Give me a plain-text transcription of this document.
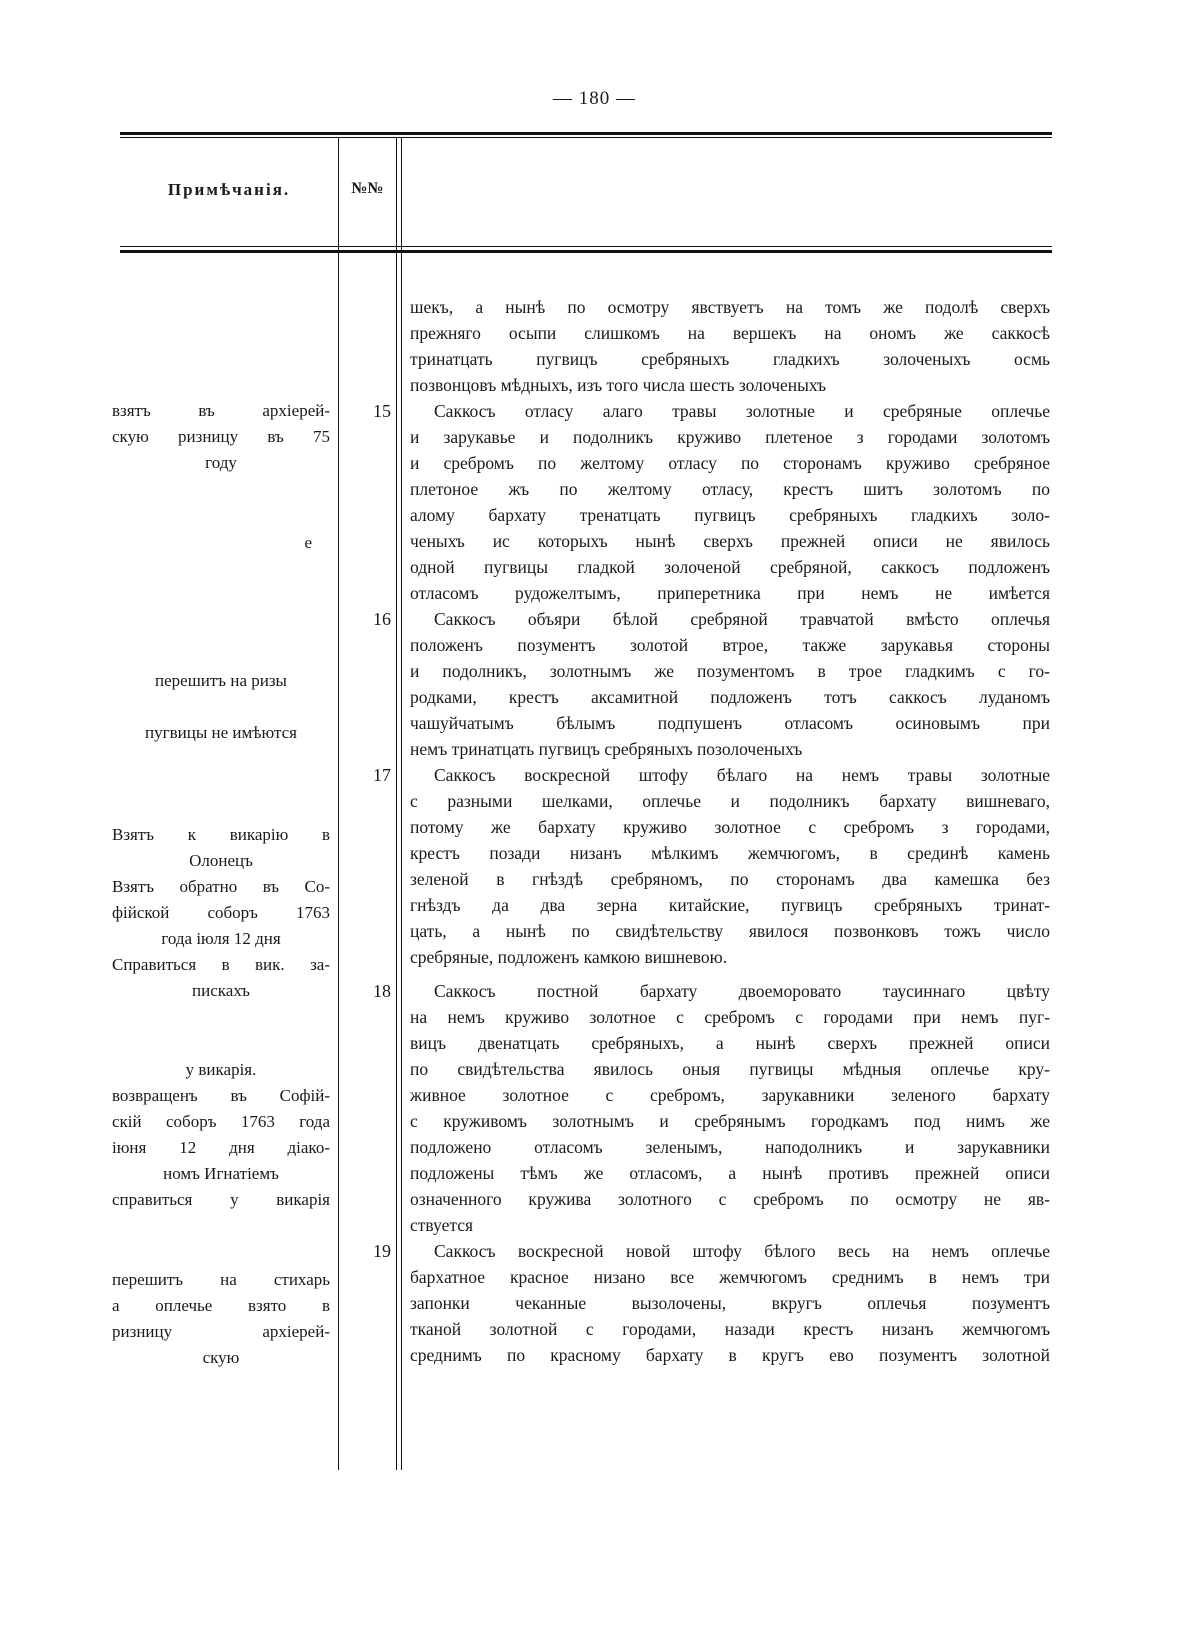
— 180 —
Примѣчанія.	№№
взятъ въ архiерей-
скую ризницу въ 75
году
е
перешитъ на ризы
пугвицы не имѣются
Взятъ к викарiю в
Олонецъ
Взятъ обратно въ Со-
фiйской соборъ 1763
года iюля 12 дня
Справиться в вик. за-
пискахъ
у викарiя.
возвращенъ въ Софiй-
скiй соборъ 1763 года
iюня 12 дня дiако-
номъ Игнатiемъ
справиться у викарiя
перешитъ на стихарь
а оплечье взято в
ризницу архiерей-
скую
15
16
17
18
19
шекъ, а нынѣ по осмотру явствуетъ на томъ же подолѣ сверхъ
прежняго осыпи слишкомъ на вершекъ на ономъ же саккосѣ
тринатцать пугвицъ сребряныхъ гладкихъ золоченыхъ осмь
позвонцовъ мѣдныхъ, изъ того числа шесть золоченыхъ
Саккосъ отласу алаго травы золотные и сребряные оплечье
и зарукавье и подолникъ круживо плетеное з городами золотомъ
и сребромъ по желтому отласу по сторонамъ круживо сребряное
плетоное жъ по желтому отласу, крестъ шитъ золотомъ по
алому бархату тренатцать пугвицъ сребряныхъ гладкихъ золо-
ченыхъ ис которыхъ нынѣ сверхъ прежней описи не явилось
одной пугвицы гладкой золоченой сребряной, саккосъ подложенъ
отласомъ рудожелтымъ, приперетника при немъ не имѣется
Саккосъ объяри бѣлой сребряной травчатой вмѣсто оплечья
положенъ позументъ золотой втрое, также зарукавья стороны
и подолникъ, золотнымъ же позументомъ в трое гладкимъ с го-
родками, крестъ аксамитной подложенъ тотъ саккосъ луданомъ
чашуйчатымъ бѣлымъ подпушенъ отласомъ осиновымъ при
немъ тринатцать пугвицъ сребряныхъ позолоченыхъ
Саккосъ воскресной штофу бѣлаго на немъ травы золотные
с разными шелками, оплечье и подолникъ бархату вишневаго,
потому же бархату круживо золотное с сребромъ з городами,
крестъ позади низанъ мѣлкимъ жемчюгомъ, в срединѣ камень
зеленой в гнѣздѣ сребряномъ, по сторонамъ два камешка без
гнѣздъ да два зерна китайские, пугвицъ сребряныхъ тринат-
цать, а нынѣ по свидѣтельству явилося позвонковъ тожъ число
сребряные, подложенъ камкою вишневою.
Саккосъ постной бархату двоеморовато таусиннаго цвѣту
на немъ круживо золотное с сребромъ с городами при немъ пуг-
вицъ двенатцать сребряныхъ, а нынѣ сверхъ прежней описи
по свидѣтельства явилось оныя пугвицы мѣдныя оплечье кру-
живное золотное с сребромъ, зарукавники зеленого бархату
с круживомъ золотнымъ и сребрянымъ городкамъ под нимъ же
подложено отласомъ зеленымъ, наподолникъ и зарукавники
подложены тѣмъ же отласомъ, а нынѣ противъ прежней описи
означенного кружива золотного с сребромъ по осмотру не яв-
ствуется
Саккосъ воскресной новой штофу бѣлого весь на немъ оплечье
бархатное красное низано все жемчюгомъ среднимъ в немъ три
запонки чеканные вызолочены, вкругъ оплечья позументъ
тканой золотной с городами, назади крестъ низанъ жемчюгомъ
среднимъ по красному бархату в кругъ ево позументъ золотной
